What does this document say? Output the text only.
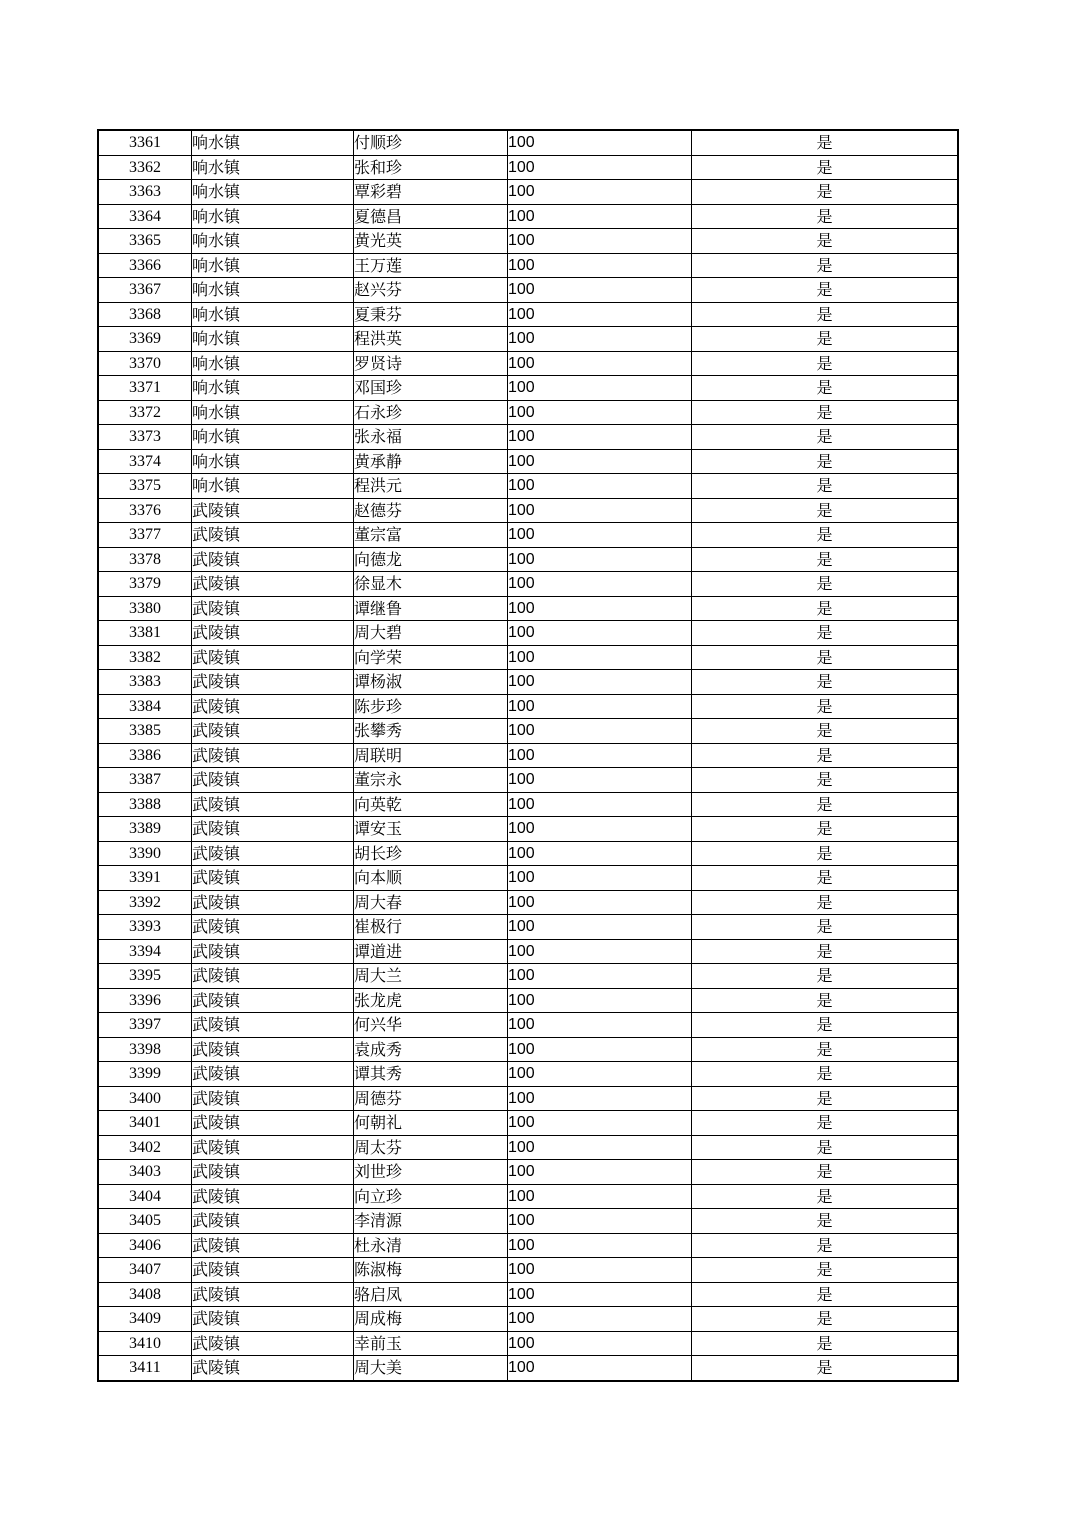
3361	响水镇	付顺珍	100	是
3362	响水镇	张和珍	100	是
3363	响水镇	覃彩碧	100	是
3364	响水镇	夏德昌	100	是
3365	响水镇	黄光英	100	是
3366	响水镇	王万莲	100	是
3367	响水镇	赵兴芬	100	是
3368	响水镇	夏秉芬	100	是
3369	响水镇	程洪英	100	是
3370	响水镇	罗贤诗	100	是
3371	响水镇	邓国珍	100	是
3372	响水镇	石永珍	100	是
3373	响水镇	张永福	100	是
3374	响水镇	黄承静	100	是
3375	响水镇	程洪元	100	是
3376	武陵镇	赵德芬	100	是
3377	武陵镇	董宗富	100	是
3378	武陵镇	向德龙	100	是
3379	武陵镇	徐显木	100	是
3380	武陵镇	谭继鲁	100	是
3381	武陵镇	周大碧	100	是
3382	武陵镇	向学荣	100	是
3383	武陵镇	谭杨淑	100	是
3384	武陵镇	陈步珍	100	是
3385	武陵镇	张攀秀	100	是
3386	武陵镇	周联明	100	是
3387	武陵镇	董宗永	100	是
3388	武陵镇	向英乾	100	是
3389	武陵镇	谭安玉	100	是
3390	武陵镇	胡长珍	100	是
3391	武陵镇	向本顺	100	是
3392	武陵镇	周大春	100	是
3393	武陵镇	崔极行	100	是
3394	武陵镇	谭道进	100	是
3395	武陵镇	周大兰	100	是
3396	武陵镇	张龙虎	100	是
3397	武陵镇	何兴华	100	是
3398	武陵镇	袁成秀	100	是
3399	武陵镇	谭其秀	100	是
3400	武陵镇	周德芬	100	是
3401	武陵镇	何朝礼	100	是
3402	武陵镇	周太芬	100	是
3403	武陵镇	刘世珍	100	是
3404	武陵镇	向立珍	100	是
3405	武陵镇	李清源	100	是
3406	武陵镇	杜永清	100	是
3407	武陵镇	陈淑梅	100	是
3408	武陵镇	骆启凤	100	是
3409	武陵镇	周成梅	100	是
3410	武陵镇	幸前玉	100	是
3411	武陵镇	周大美	100	是
